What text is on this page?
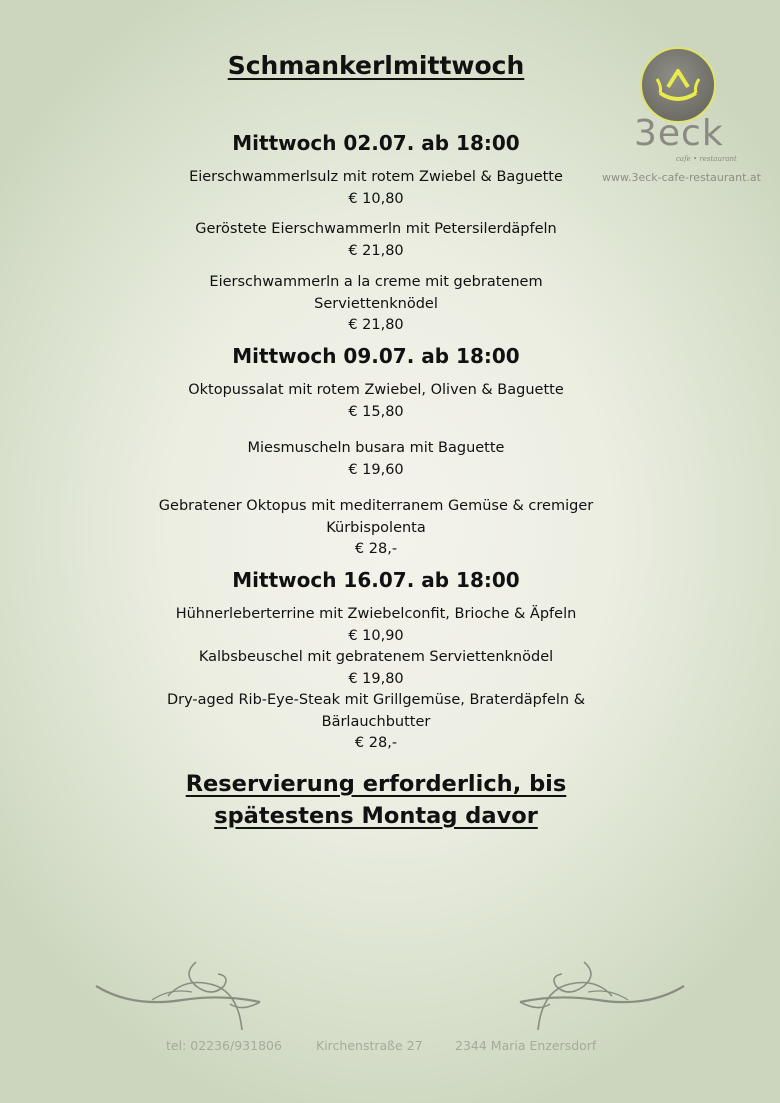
Schmankerlmittwoch
3eck
cafe • restaurant
www.3eck-cafe-restaurant.at
Mittwoch 02.07. ab 18:00
Eierschwammerlsulz mit rotem Zwiebel & Baguette
€ 10,80
Geröstete Eierschwammerln mit Petersilerdäpfeln
€ 21,80
Eierschwammerln a la creme mit gebratenem
Serviettenknödel
€ 21,80
Mittwoch 09.07. ab 18:00
Oktopussalat mit rotem Zwiebel, Oliven & Baguette
€ 15,80
Miesmuscheln busara mit Baguette
€ 19,60
Gebratener Oktopus mit mediterranem Gemüse & cremiger
Kürbispolenta
€ 28,-
Mittwoch 16.07. ab 18:00
Hühnerleberterrine mit Zwiebelconfit, Brioche & Äpfeln
€ 10,90
Kalbsbeuschel mit gebratenem Serviettenknödel
€ 19,80
Dry-aged Rib-Eye-Steak mit Grillgemüse, Braterdäpfeln &
Bärlauchbutter
€ 28,-
Reservierung erforderlich, bis
spätestens Montag davor
tel: 02236/931806	Kirchenstraße 27	2344 Maria Enzersdorf
